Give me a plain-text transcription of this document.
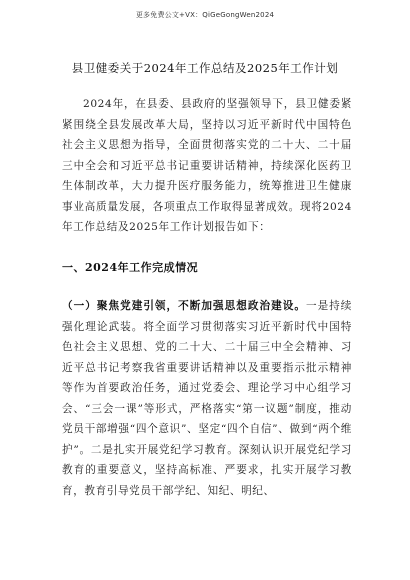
更多免费公文+VX：QiGeGongWen2024
县卫健委关于2024年工作总结及2025年工作计划
2024年，在县委、县政府的坚强领导下，县卫健委紧紧围绕全县发展改革大局，坚持以习近平新时代中国特色社会主义思想为指导，全面贯彻落实党的二十大、二十届三中全会和习近平总书记重要讲话精神，持续深化医药卫生体制改革，大力提升医疗服务能力，统筹推进卫生健康事业高质量发展，各项重点工作取得显著成效。现将2024年工作总结及2025年工作计划报告如下：
一、2024年工作完成情况
（一）聚焦党建引领，不断加强思想政治建设。一是持续强化理论武装。将全面学习贯彻落实习近平新时代中国特色社会主义思想、党的二十大、二十届三中全会精神、习近平总书记考察我省重要讲话精神以及重要指示批示精神等作为首要政治任务，通过党委会、理论学习中心组学习会、“三会一课”等形式，严格落实“第一议题”制度，推动党员干部增强“四个意识”、坚定“四个自信”、做到“两个维护”。二是扎实开展党纪学习教育。深刻认识开展党纪学习教育的重要意义，坚持高标准、严要求，扎实开展学习教育，教育引导党员干部学纪、知纪、明纪、
